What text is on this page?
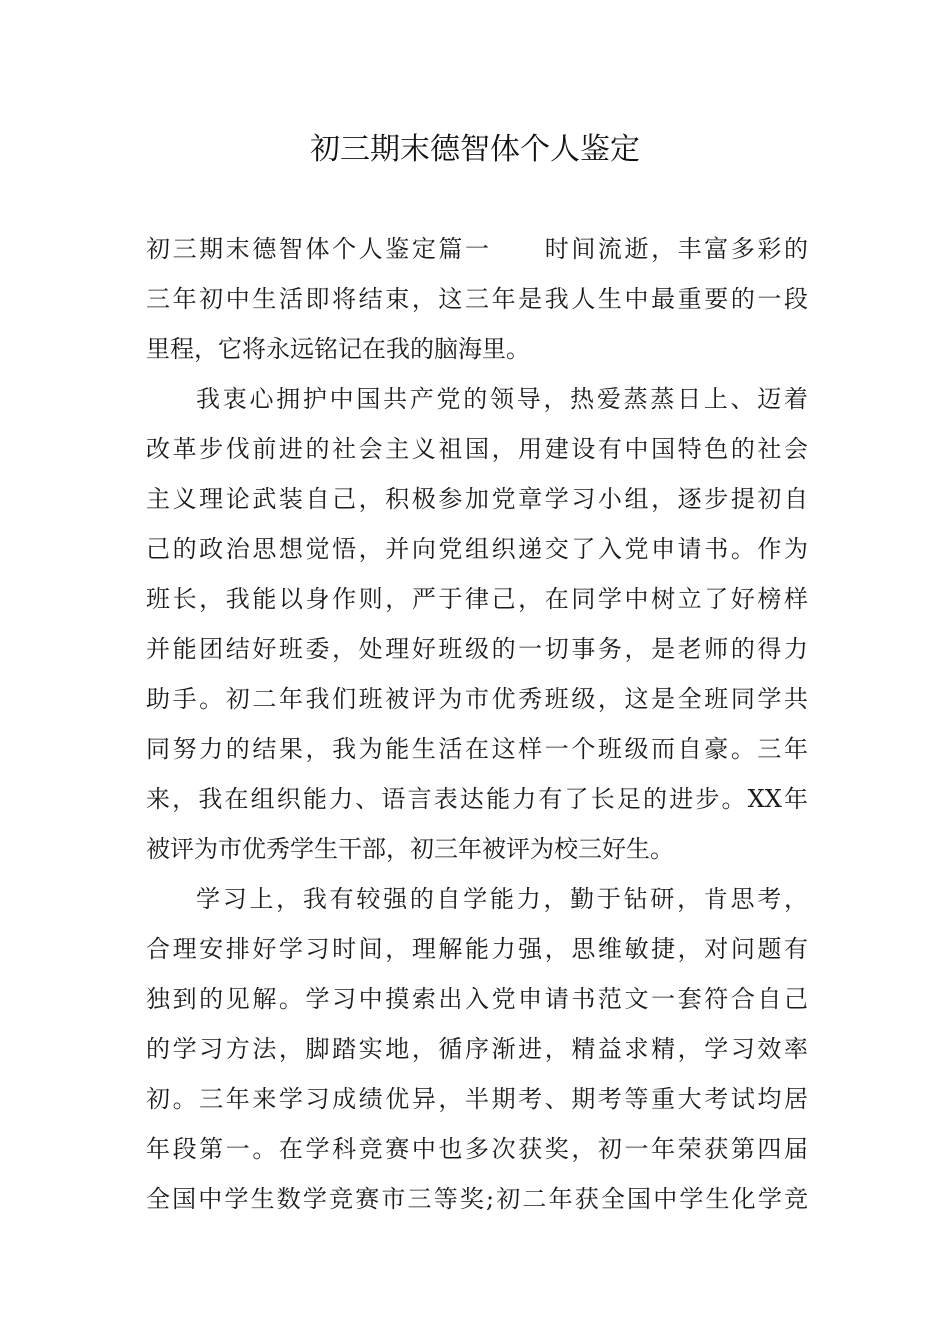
初三期末德智体个人鉴定
初三期末德智体个人鉴定篇一　　时间流逝，丰富多彩的
三年初中生活即将结束，这三年是我人生中最重要的一段
里程，它将永远铭记在我的脑海里。
我衷心拥护中国共产党的领导，热爱蒸蒸日上、迈着
改革步伐前进的社会主义祖国，用建设有中国特色的社会
主义理论武装自己，积极参加党章学习小组，逐步提初自
己的政治思想觉悟，并向党组织递交了入党申请书。作为
班长，我能以身作则，严于律己，在同学中树立了好榜样
并能团结好班委，处理好班级的一切事务，是老师的得力
助手。初二年我们班被评为市优秀班级，这是全班同学共
同努力的结果，我为能生活在这样一个班级而自豪。三年
来，我在组织能力、语言表达能力有了长足的进步。XX年
被评为市优秀学生干部，初三年被评为校三好生。
学习上，我有较强的自学能力，勤于钻研，肯思考，
合理安排好学习时间，理解能力强，思维敏捷，对问题有
独到的见解。学习中摸索出入党申请书范文一套符合自己
的学习方法，脚踏实地，循序渐进，精益求精，学习效率
初。三年来学习成绩优异，半期考、期考等重大考试均居
年段第一。在学科竞赛中也多次获奖，初一年荣获第四届
全国中学生数学竞赛市三等奖;初二年获全国中学生化学竞
